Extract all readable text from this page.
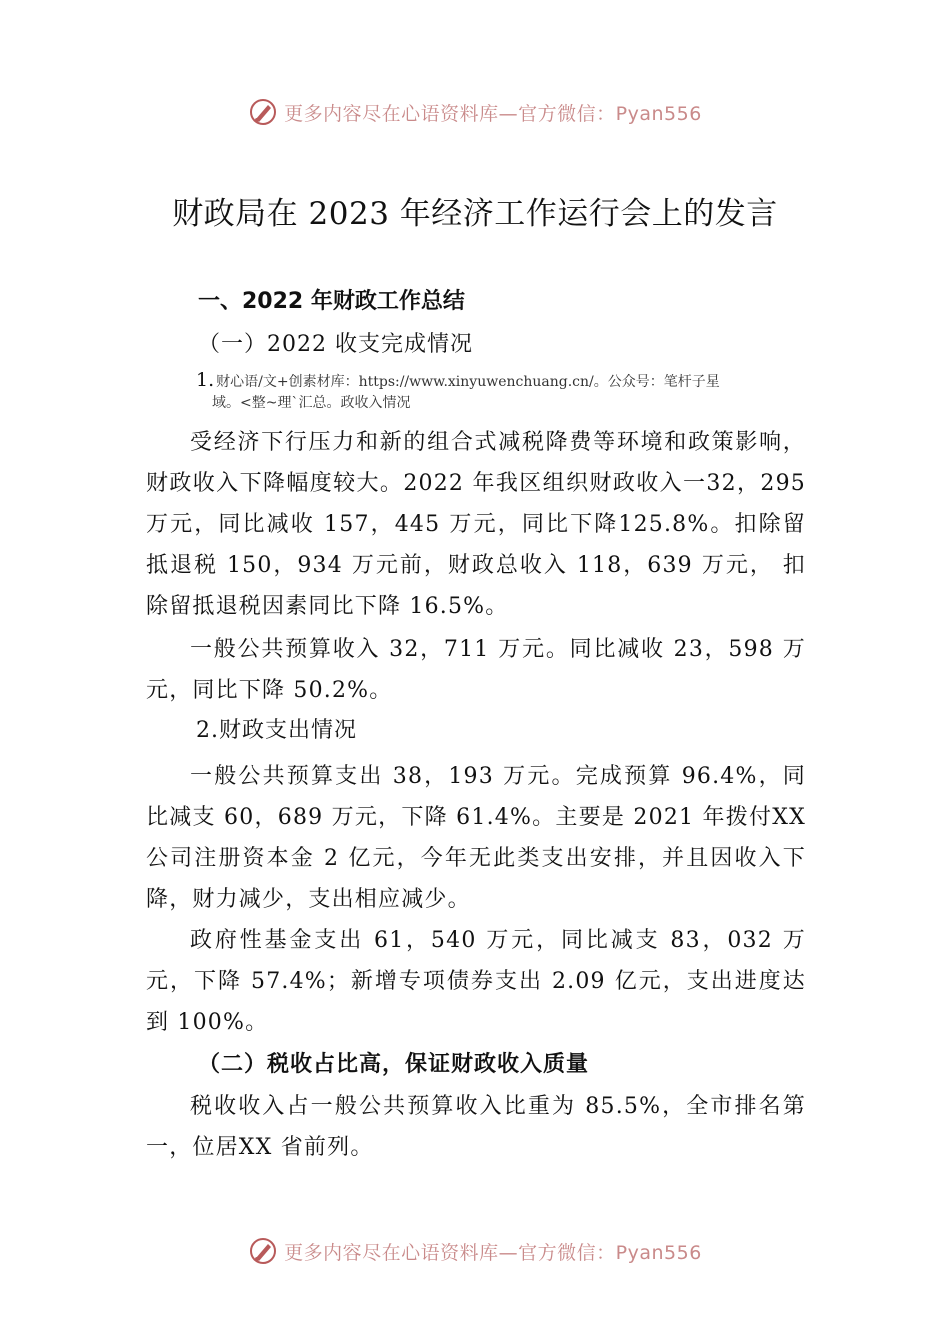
更多内容尽在心语资料库—官方微信：Pyan556
财政局在 2023 年经济工作运行会上的发言
一、2022 年财政工作总结
（一）2022 收支完成情况
1. 财心语/文+创素材库：https://www.xinyuwenchuang.cn/。公众号：笔杆子星
域。<整~理`汇总。政收入情况

受经济下行压力和新的组合式减税降费等环境和政策影响，财政收入下降幅度较大。2022 年我区组织财政收入一32，295 万元，同比减收 157，445 万元，同比下降125.8%。扣除留抵退税 150，934 万元前，财政总收入 118，639 万元， 扣除留抵退税因素同比下降 16.5%。

一般公共预算收入 32，711 万元。同比减收 23，598 万元，同比下降 50.2%。

2.财政支出情况

一般公共预算支出 38，193 万元。完成预算 96.4%，同比减支 60，689 万元，下降 61.4%。主要是 2021 年拨付XX 公司注册资本金 2 亿元，今年无此类支出安排，并且因收入下降，财力减少，支出相应减少。

政府性基金支出 61，540 万元，同比减支 83，032 万元，下降 57.4%；新增专项债券支出 2.09 亿元，支出进度达到 100%。

（二）税收占比高，保证财政收入质量

税收收入占一般公共预算收入比重为 85.5%，全市排名第一，位居XX 省前列。

更多内容尽在心语资料库—官方微信：Pyan556
